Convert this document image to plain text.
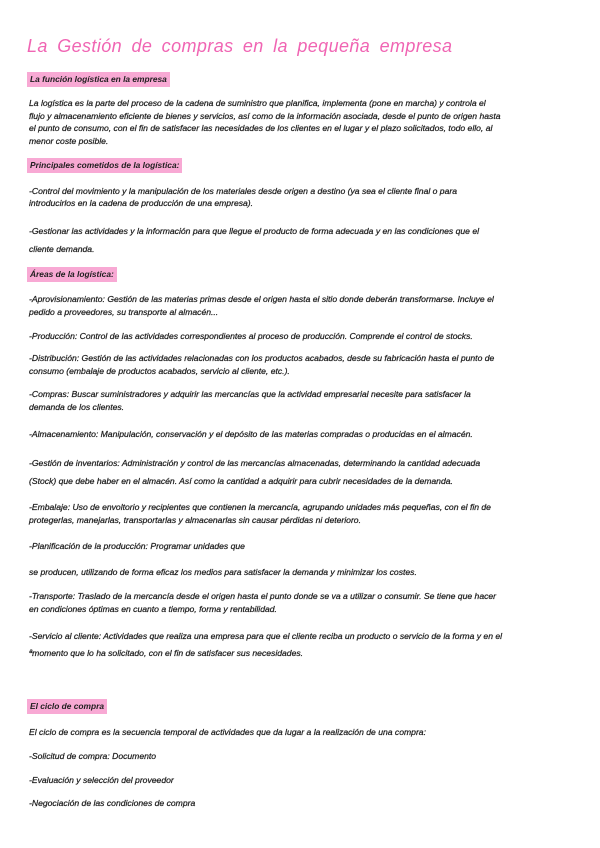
La Gestión de compras en la pequeña empresa
La función logística en la empresa
La logística es la parte del proceso de la cadena de suministro que planifica, implementa (pone en marcha) y controla el
flujo y almacenamiento eficiente de bienes y servicios, así como de la información asociada, desde el punto de origen hasta
el punto de consumo, con el fin de satisfacer las necesidades de los clientes en el lugar y el plazo solicitados, todo ello, al
menor coste posible.
Principales cometidos de la logística:
-Control del movimiento y la manipulación de los materiales desde origen a destino (ya sea el cliente final o para
introducirlos en la cadena de producción de una empresa).
-Gestionar las actividades y la información para que llegue el producto de forma adecuada y en las condiciones que el
cliente demanda.
Áreas de la logística:
-Aprovisionamiento: Gestión de las materias primas desde el origen hasta el sitio donde deberán transformarse. Incluye el
pedido a proveedores, su transporte al almacén...
-Producción: Control de las actividades correspondientes al proceso de producción. Comprende el control de stocks.
-Distribución: Gestión de las actividades relacionadas con los productos acabados, desde su fabricación hasta el punto de
consumo (embalaje de productos acabados, servicio al cliente, etc.).
-Compras: Buscar suministradores y adquirir las mercancías que la actividad empresarial necesite para satisfacer la
demanda de los clientes.
-Almacenamiento: Manipulación, conservación y el depósito de las materias compradas o producidas en el almacén.
-Gestión de inventarios: Administración y control de las mercancías almacenadas, determinando la cantidad adecuada
(Stock) que debe haber en el almacén. Así como la cantidad a adquirir para cubrir necesidades de la demanda.
-Embalaje: Uso de envoltorio y recipientes que contienen la mercancía, agrupando unidades más pequeñas, con el fin de
protegerlas, manejarlas, transportarlas y almacenarlas sin causar pérdidas ni deterioro.
-Planificación de la producción: Programar unidades que
se producen, utilizando de forma eficaz los medios para satisfacer la demanda y minimizar los costes.
-Transporte: Traslado de la mercancía desde el origen hasta el punto donde se va a utilizar o consumir. Se tiene que hacer
en condiciones óptimas en cuanto a tiempo, forma y rentabilidad.
-Servicio al cliente: Actividades que realiza una empresa para que el cliente reciba un producto o servicio de la forma y en el
ªmomento que lo ha solicitado, con el fin de satisfacer sus necesidades.
El ciclo de compra
El ciclo de compra es la secuencia temporal de actividades que da lugar a la realización de una compra:
-Solicitud de compra: Documento
-Evaluación y selección del proveedor
-Negociación de las condiciones de compra
